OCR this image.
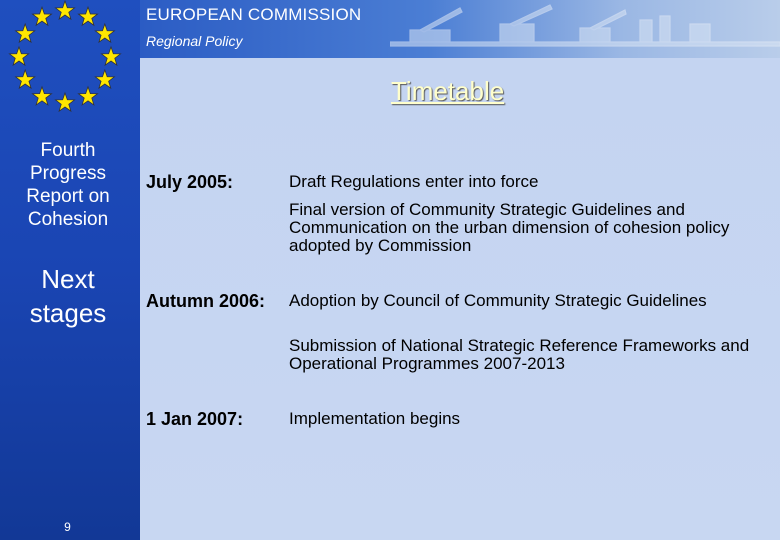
Fourth Progress Report on Cohesion
Next stages
9
EUROPEAN COMMISSION
Regional Policy
Timetable
July 2005:	Draft Regulations enter into force
Final version of Community Strategic Guidelines and Communication on the urban dimension of cohesion policy adopted by Commission
Autumn 2006: Adoption by Council of Community Strategic Guidelines
Submission of National Strategic Reference Frameworks and Operational Programmes 2007-2013
1 Jan 2007:	Implementation begins
